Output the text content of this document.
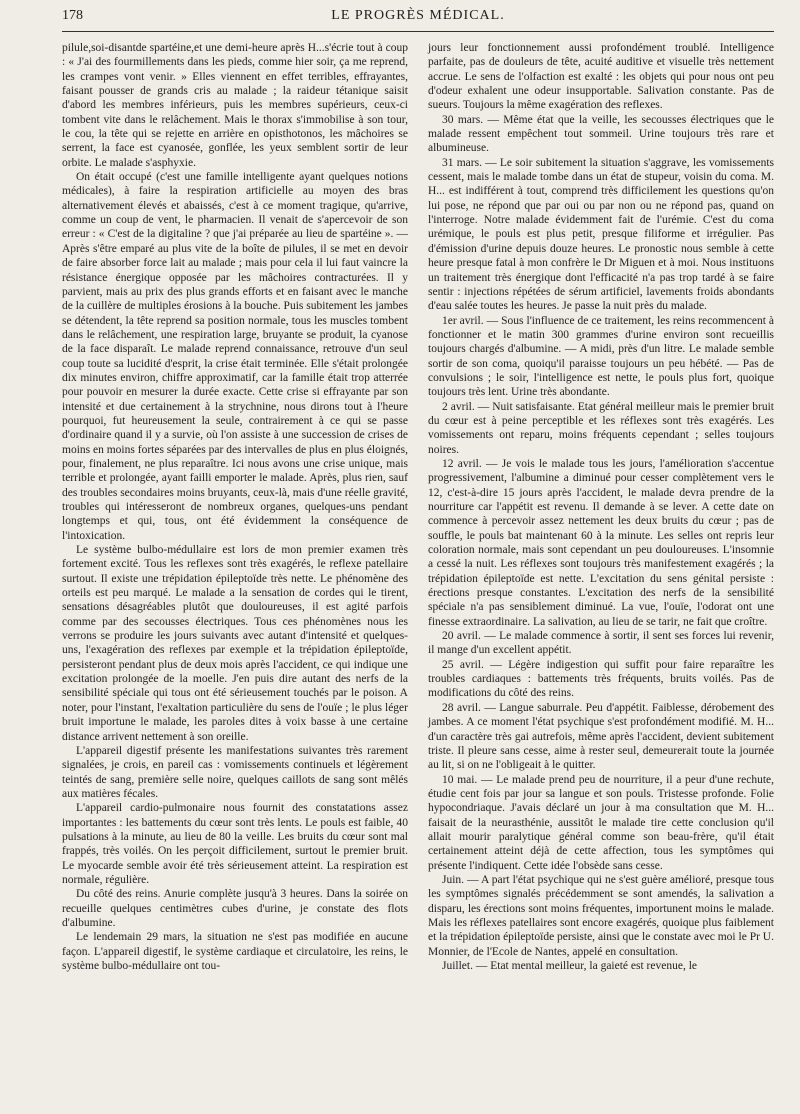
178	LE PROGRÈS MÉDICAL.

pilule,soi-disantde spartéine,et une demi-heure après H...s'écrie tout à coup : « J'ai des fourmillements dans les pieds, comme hier soir, ça me reprend, les crampes vont venir. » Elles viennent en effet terribles, effrayantes, faisant pousser de grands cris au malade ; la raideur tétanique saisit d'abord les membres inférieurs, puis les membres supérieurs, ceux-ci tombent vite dans le relâchement. Mais le thorax s'immobilise à son tour, le cou, la tête qui se rejette en arrière en opisthotonos, les mâchoires se serrent, la face est cyanosée, gonflée, les yeux semblent sortir de leur orbite. Le malade s'asphyxie.

On était occupé (c'est une famille intelligente ayant quelques notions médicales), à faire la respiration artificielle au moyen des bras alternativement élevés et abaissés, c'est à ce moment tragique, qu'arrive, comme un coup de vent, le pharmacien. Il venait de s'apercevoir de son erreur : « C'est de la digitaline ? que j'ai préparée au lieu de spartéine ». — Après s'être emparé au plus vite de la boîte de pilules, il se met en devoir de faire absorber force lait au malade ; mais pour cela il lui faut vaincre la résistance énergique opposée par les mâchoires contracturées. Il y parvient, mais au prix des plus grands efforts et en faisant avec le manche de la cuillère de multiples érosions à la bouche. Puis subitement les jambes se détendent, la tête reprend sa position normale, tous les muscles tombent dans le relâchement, une respiration large, bruyante se produit, la cyanose de la face disparaît. Le malade reprend connaissance, retrouve d'un seul coup toute sa lucidité d'esprit, la crise était terminée. Elle s'était prolongée dix minutes environ, chiffre approximatif, car la famille était trop atterrée pour pouvoir en mesurer la durée exacte. Cette crise si effrayante par son intensité et due certainement à la strychnine, nous dirons tout à l'heure pourquoi, fut heureusement la seule, contrairement à ce qui se passe d'ordinaire quand il y a survie, où l'on assiste à une succession de crises de moins en moins fortes séparées par des intervalles de plus en plus éloignés, pour, finalement, ne plus reparaître. Ici nous avons une crise unique, mais terrible et prolongée, ayant failli emporter le malade. Après, plus rien, sauf des troubles secondaires moins bruyants, ceux-là, mais d'une réelle gravité, troubles qui intéresseront de nombreux organes, quelques-uns pendant longtemps et qui, tous, ont été évidemment la conséquence de l'intoxication.

Le système bulbo-médullaire est lors de mon premier examen très fortement excité. Tous les reflexes sont très exagérés, le reflexe patellaire surtout. Il existe une trépidation épileptoïde très nette. Le phénomène des orteils est peu marqué. Le malade a la sensation de cordes qui le tirent, sensations désagréables plutôt que douloureuses, il est agité parfois comme par des secousses électriques. Tous ces phénomènes nous les verrons se produire les jours suivants avec autant d'intensité et quelques-uns, l'exagération des reflexes par exemple et la trépidation épileptoïde, persisteront pendant plus de deux mois après l'accident, ce qui indique une excitation prolongée de la moelle. J'en puis dire autant des nerfs de la sensibilité spéciale qui tous ont été sérieusement touchés par le poison. A noter, pour l'instant, l'exaltation particulière du sens de l'ouïe ; le plus léger bruit importune le malade, les paroles dites à voix basse à une certaine distance arrivent nettement à son oreille.

L'appareil digestif présente les manifestations suivantes très rarement signalées, je crois, en pareil cas : vomissements continuels et légèrement teintés de sang, première selle noire, quelques caillots de sang sont mêlés aux matières fécales.

L'appareil cardio-pulmonaire nous fournit des constatations assez importantes : les battements du cœur sont très lents. Le pouls est faible, 40 pulsations à la minute, au lieu de 80 la veille. Les bruits du cœur sont mal frappés, très voilés. On les perçoit difficilement, surtout le premier bruit. Le myocarde semble avoir été très sérieusement atteint. La respiration est normale, régulière.

Du côté des reins. Anurie complète jusqu'à 3 heures. Dans la soirée on recueille quelques centimètres cubes d'urine, je constate des flots d'albumine.

Le lendemain 29 mars, la situation ne s'est pas modifiée en aucune façon. L'appareil digestif, le système cardiaque et circulatoire, les reins, le système bulbo-médullaire ont tou-

jours leur fonctionnement aussi profondément troublé. Intelligence parfaite, pas de douleurs de tête, acuité auditive et visuelle très nettement accrue. Le sens de l'olfaction est exalté : les objets qui pour nous ont peu d'odeur exhalent une odeur insupportable. Salivation constante. Pas de sueurs. Toujours la même exagération des reflexes.

30 mars. — Même état que la veille, les secousses électriques que le malade ressent empêchent tout sommeil. Urine toujours très rare et albumineuse.

31 mars. — Le soir subitement la situation s'aggrave, les vomissements cessent, mais le malade tombe dans un état de stupeur, voisin du coma. M. H... est indifférent à tout, comprend très difficilement les questions qu'on lui pose, ne répond que par oui ou par non ou ne répond pas, quand on l'interroge. Notre malade évidemment fait de l'urémie. C'est du coma urémique, le pouls est plus petit, presque filiforme et irrégulier. Pas d'émission d'urine depuis douze heures. Le pronostic nous semble à cette heure presque fatal à mon confrère le Dr Miguen et à moi. Nous instituons un traitement très énergique dont l'efficacité n'a pas trop tardé à se faire sentir : injections répétées de sérum artificiel, lavements froids abondants d'eau salée toutes les heures. Je passe la nuit près du malade.

1er avril. — Sous l'influence de ce traitement, les reins recommencent à fonctionner et le matin 300 grammes d'urine environ sont recueillis toujours chargés d'albumine. — A midi, près d'un litre. Le malade semble sortir de son coma, quoiqu'il paraisse toujours un peu hébété. — Pas de convulsions ; le soir, l'intelligence est nette, le pouls plus fort, quoique toujours très lent. Urine très abondante.

2 avril. — Nuit satisfaisante. Etat général meilleur mais le premier bruit du cœur est à peine perceptible et les réflexes sont très exagérés. Les vomissements ont reparu, moins fréquents cependant ; selles toujours noires.

12 avril. — Je vois le malade tous les jours, l'amélioration s'accentue progressivement, l'albumine a diminué pour cesser complètement vers le 12, c'est-à-dire 15 jours après l'accident, le malade devra prendre de la nourriture car l'appétit est revenu. Il demande à se lever. A cette date on commence à percevoir assez nettement les deux bruits du cœur ; pas de souffle, le pouls bat maintenant 60 à la minute. Les selles ont repris leur coloration normale, mais sont cependant un peu douloureuses. L'insomnie a cessé la nuit. Les réflexes sont toujours très manifestement exagérés ; la trépidation épileptoïde est nette. L'excitation du sens génital persiste : érections presque constantes. L'excitation des nerfs de la sensibilité spéciale n'a pas sensiblement diminué. La vue, l'ouïe, l'odorat ont une finesse extraordinaire. La salivation, au lieu de se tarir, ne fait que croître.

20 avril. — Le malade commence à sortir, il sent ses forces lui revenir, il mange d'un excellent appétit.

25 avril. — Légère indigestion qui suffit pour faire reparaître les troubles cardiaques : battements très fréquents, bruits voilés. Pas de modifications du côté des reins.

28 avril. — Langue saburrale. Peu d'appétit. Faiblesse, dérobement des jambes. A ce moment l'état psychique s'est profondément modifié. M. H... d'un caractère très gai autrefois, même après l'accident, devient subitement triste. Il pleure sans cesse, aime à rester seul, demeurerait toute la journée au lit, si on ne l'obligeait à le quitter.

10 mai. — Le malade prend peu de nourriture, il a peur d'une rechute, étudie cent fois par jour sa langue et son pouls. Tristesse profonde. Folie hypocondriaque. J'avais déclaré un jour à ma consultation que M. H... faisait de la neurasthénie, aussitôt le malade tire cette conclusion qu'il allait mourir paralytique général comme son beau-frère, qu'il était certainement atteint déjà de cette affection, tous les symptômes qui présente l'indiquent. Cette idée l'obsède sans cesse.

Juin. — A part l'état psychique qui ne s'est guère amélioré, presque tous les symptômes signalés précédemment se sont amendés, la salivation a disparu, les érections sont moins fréquentes, importunent moins le malade. Mais les réflexes patellaires sont encore exagérés, quoique plus faiblement et la trépidation épileptoïde persiste, ainsi que le constate avec moi le Pr U. Monnier, de l'Ecole de Nantes, appelé en consultation.

Juillet. — Etat mental meilleur, la gaieté est revenue, le
